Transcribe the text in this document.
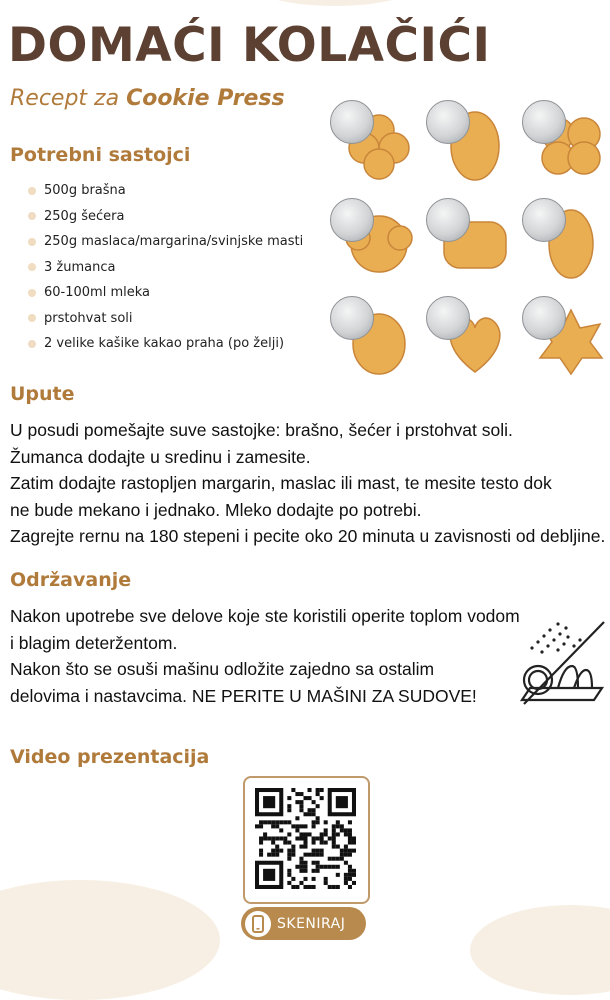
DOMAĆI KOLAČIĆI
Recept za Cookie Press
Potrebni sastojci
500g brašna
250g šećera
250g maslaca/margarina/svinjske masti
3 žumanca
60-100ml mleka
prstohvat soli
2 velike kašike kakao praha (po želji)
Upute
U posudi pomešajte suve sastojke: brašno, šećer i prstohvat soli.
Žumanca dodajte u sredinu i zamesite.
Zatim dodajte rastopljen margarin, maslac ili mast, te mesite testo dok
ne bude mekano i jednako. Mleko dodajte po potrebi.
Zagrejte rernu na 180 stepeni i pecite oko 20 minuta u zavisnosti od debljine.
Održavanje
Nakon upotrebe sve delove koje ste koristili operite toplom vodom
i blagim deteržentom.
Nakon što se osuši mašinu odložite zajedno sa ostalim
delovima i nastavcima. NE PERITE U MAŠINI ZA SUDOVE!
Video prezentacija
SKENIRAJ
